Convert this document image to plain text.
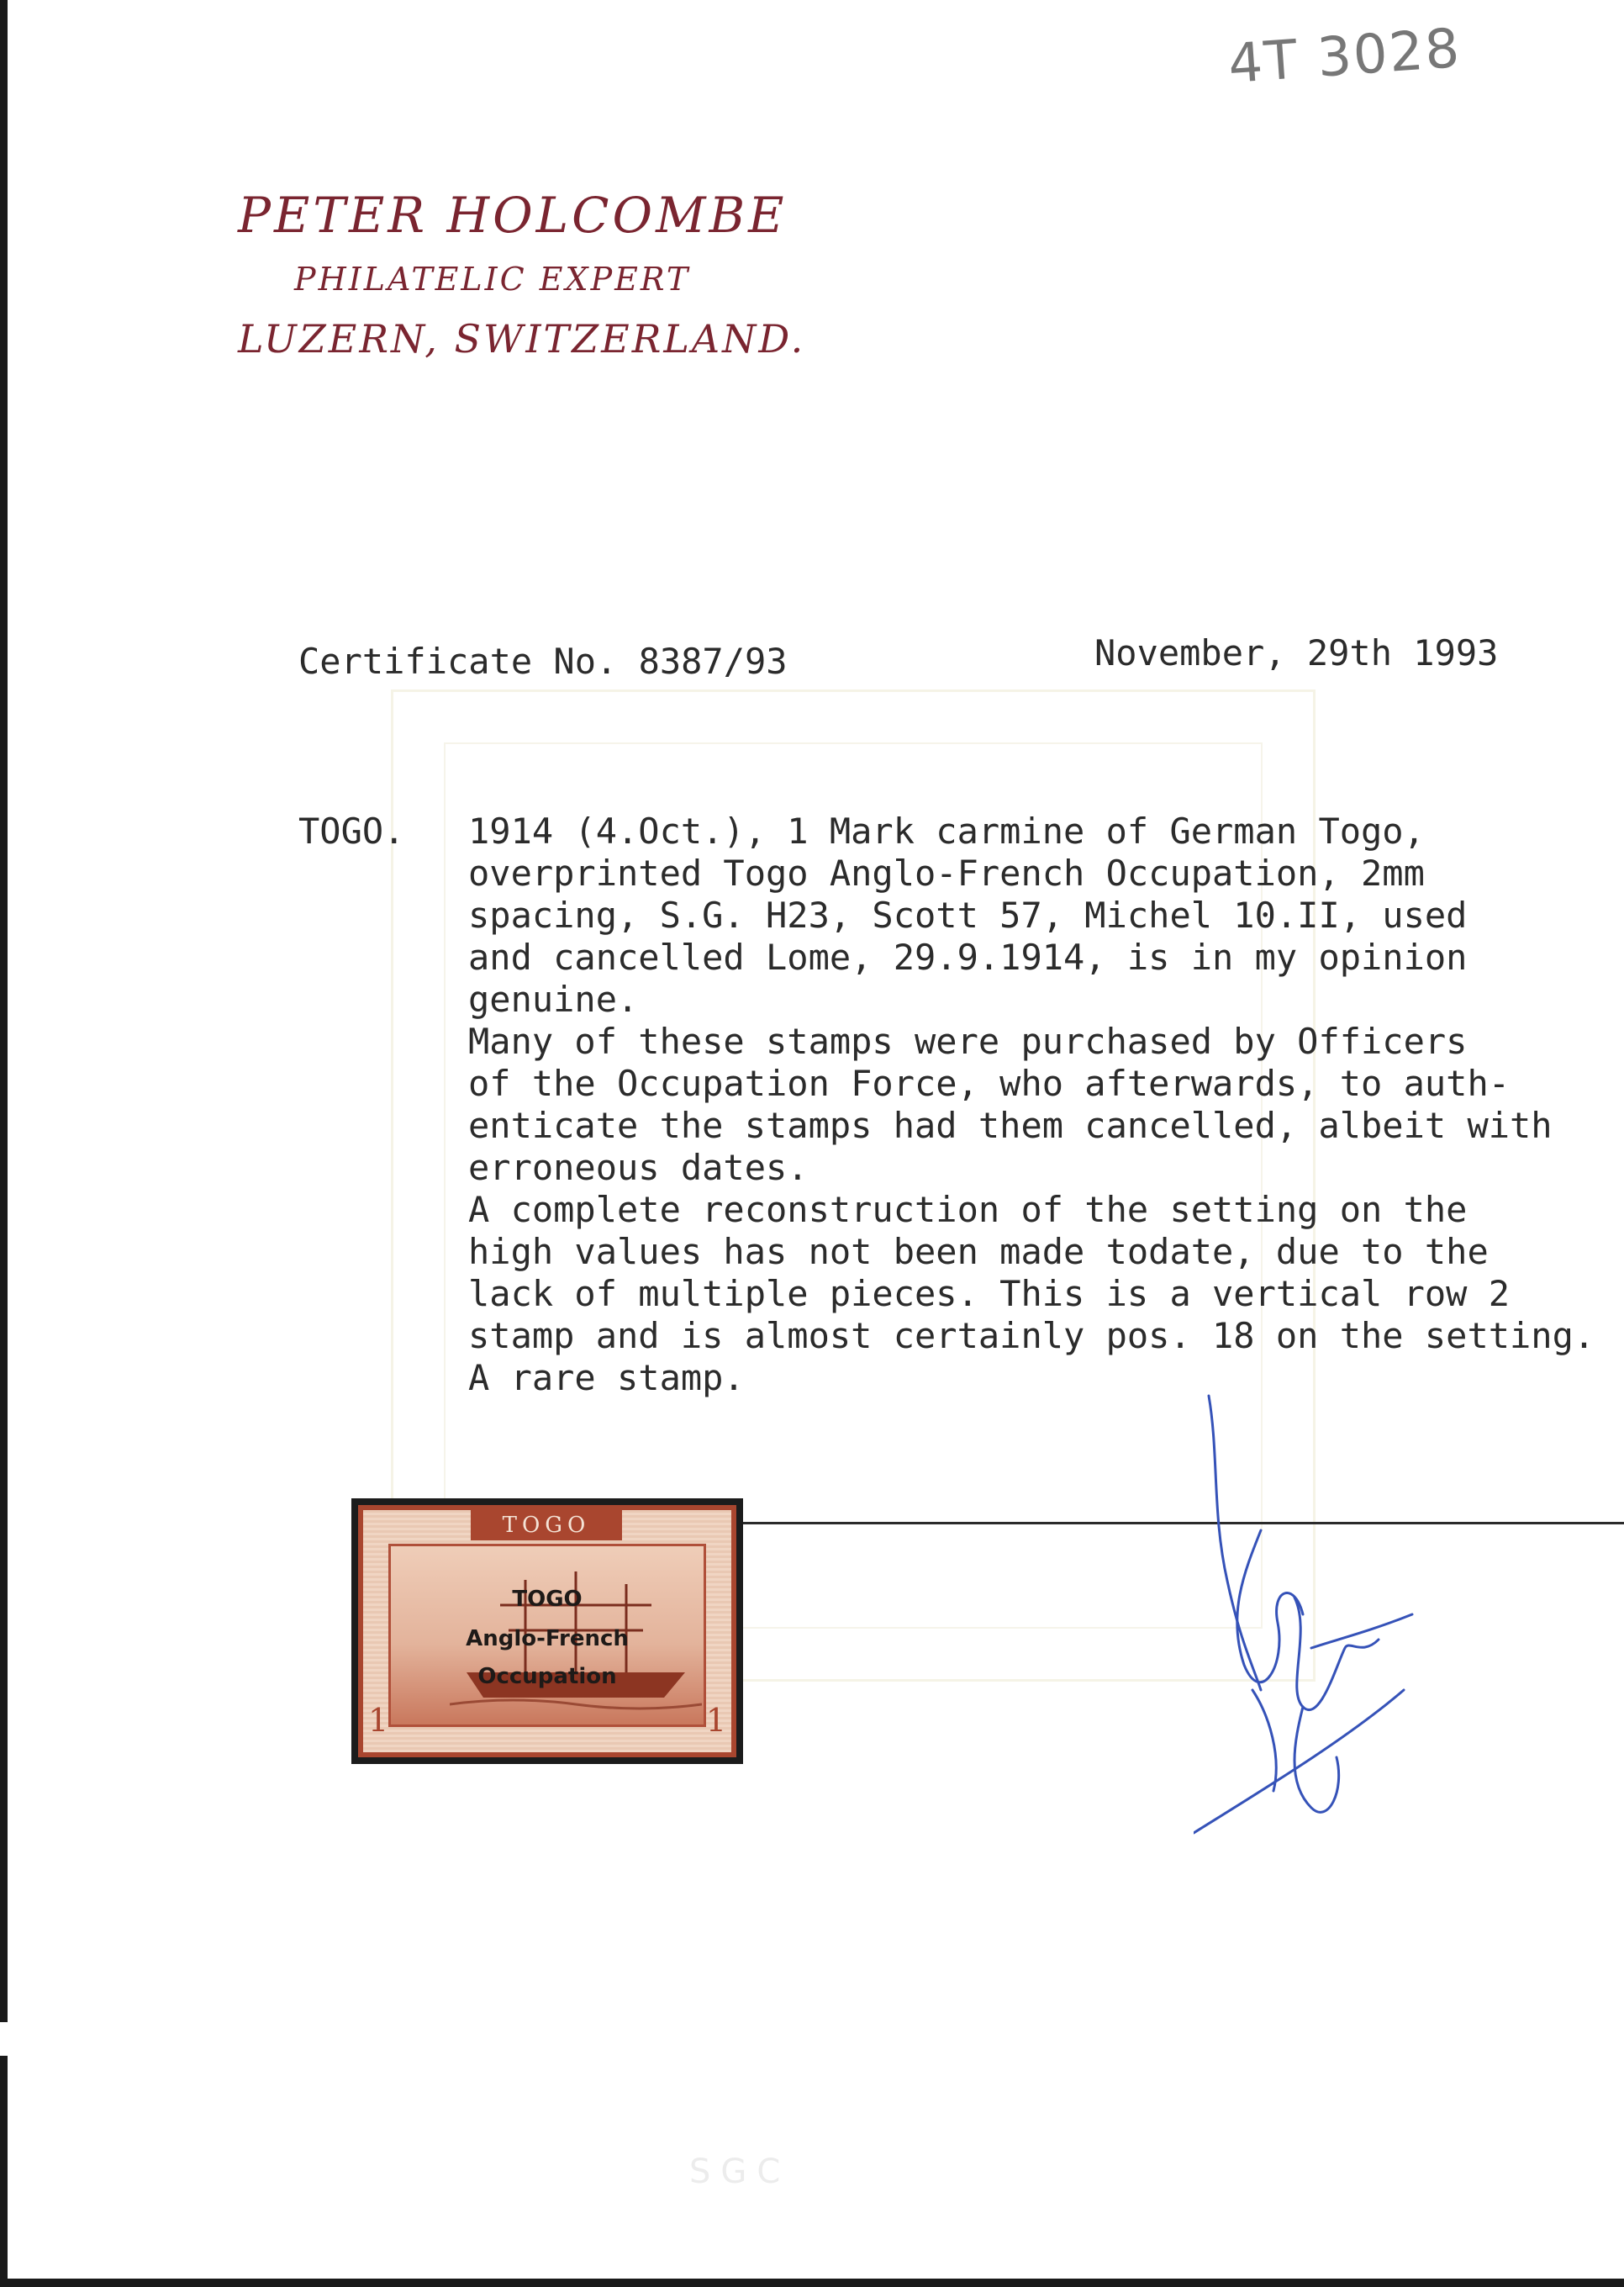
4T 3028
PETER HOLCOMBE
PHILATELIC EXPERT
LUZERN, SWITZERLAND.
Certificate No. 8387/93	November, 29th 1993
TOGO. 1914 (4.Oct.), 1 Mark carmine of German Togo,
overprinted Togo Anglo-French Occupation, 2mm
spacing, S.G. H23, Scott 57, Michel 10.II, used
and cancelled Lome, 29.9.1914, is in my opinion
genuine.
Many of these stamps were purchased by Officers
of the Occupation Force, who afterwards, to auth-
enticate the stamps had them cancelled, albeit with
erroneous dates.
A complete reconstruction of the setting on the
high values has not been made todate, due to the
lack of multiple pieces. This is a vertical row 2
stamp and is almost certainly pos. 18 on the setting.
A rare stamp.
TOGO
Anglo-French
Occupation
TOGO
1	1
SGC
